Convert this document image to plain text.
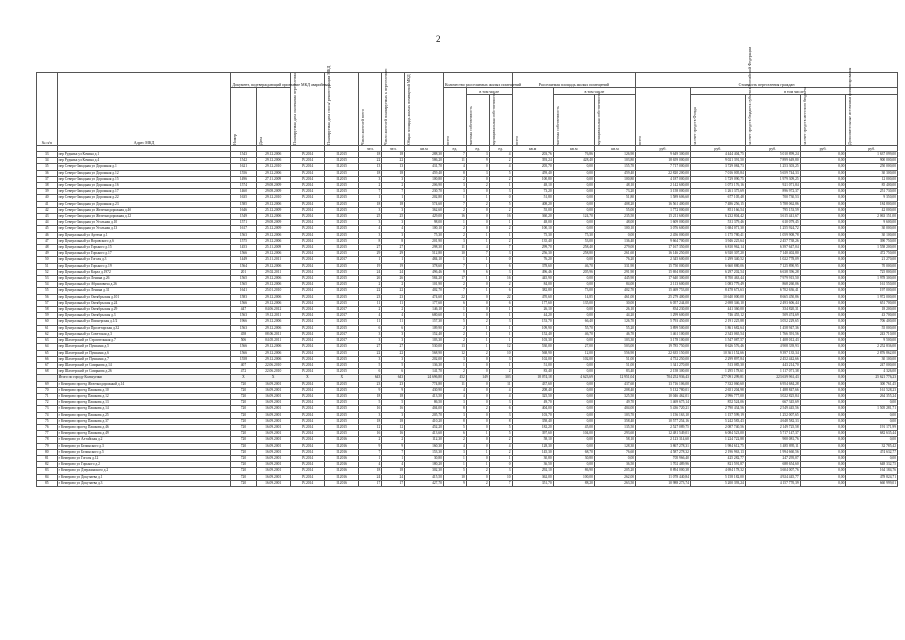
2
№ п/п	Адрес МКД	Документ, подтверждающий признание МКД аварийным		Планируемая дата окончания переселения	Планируемая дата сноса/ реконструкции МКД	Число жителей всего	Число жителей планируемых к переселению	Общая площадь жилых помещений МКД	Количество расселяемых жилых помещений			Расселяемая площадь жилых помещений			Стоимость переселения граждан				

		Номер	Дата						всего	в том числе		всего	в том числе		всего	в том числе			

										частная собственность	муниципальная собственность		частная собственность	муниципальная собственность		за счет средств Фонда	за счет средств бюджета субъекта Российской Федерации	за счет средств местного бюджета	Дополнительные источники финансирования

						чел.	чел.	кв.м	ед.	ед.	ед.	кв.м	кв.м	кв.м	руб.	руб.	руб.	руб.	руб.
33	пер Рудника ул Кочина д.1	1543	29.12.2006	IV.2014	II.2015	18	18	288,30	7	3	4	203,76	76,86	126,90	9 649 300,00	4 444 404,75	5 010 899,24	0,00	1 637 099,00
34	пер Рудника ул Кочина д.4	1542	29.12.2006	IV.2014	II.2015	22	22	586,20	11	9	2	393,24	428,40	103,80	18 659 000,00	9 021 391,50	7 899 649,80	0,00	900 000,00
35	пер Северо-Западная ул Дорожная д.1	1621	29.12.2010	IV.2014	II.2015	13	13	431,70	4	0	4	205,70	0,00	155,70	7 717 000,00	3 729 084,73	1 253 303,25	0,00	250 000,00
36	пер Северо-Западная ул Дорожная д.12	1556	29.12.2006	IV.2014	II.2015	18	18	459,40	8	3	5	459,40	0,00	459,40	22 820 200,00	7 016 005,84	5 659 744,33	0,00	30 300,00
37	пер Северо-Западная ул Дорожная д.15	1496	27.11.2009	IV.2014	II.2015	3	3	100,80	2	0	2	100,80	0,00	100,80	4 187 000,00	1 729 090,75	1 979 309,25	0,00	12 000,00
38	пер Северо-Западная ул Дорожная д.16	1574	29.08.2009	IV.2014	II.2015	2	2	206,90	3	2	1	48,10	0,00	48,10	2 142 600,00	1 073 176,16	921 071,84	0,00	85 400,00
39	пер Северо-Западная ул Дорожная д.17	1460	29.08.2009	IV.2014	II.2015	7	7	230,70	3	0	3	73,20	0,00	73,20	3 158 000,00	1 261 375,69	896 972,37	0,00	251 730,00
40	пер Северо-Западная ул Дорожная д.22	1635	29.12.2010	IV.2014	II.2015	1	1	202,80	1	1	0	51,80	0,00	51,80	1 589 606,60	677 105,48	700 730,53	0,00	9 350,00
41	пер Северо-Западная ул Дорожная д.23	1585	29.12.2006	IV.2014	II.2015	18	18	574,60	7	2	5	408,20	0,00	408,20	16 561 400,00	7 486 256,15	5 788 062,86	0,00	184 800,00
42	пер Северо-Западная ул Железнодорожная д.4б	1646	25.12.2009	IV.2014	II.2015	3	3	362,60	2	0	2	55,00	0,00	55,00	1 772 000,00	851 166,54	795 153,59	0,00	42 000,00
43	пер Северо-Западная ул Железнодорожная д.12	1549	29.12.2006	IV.2014	II.2015	25	25	429,00	16	0	16	360,20	124,70	235,50	15 211 600,00	6 232 804,42	3 615 441,67	0,00	2 063 151,00
44	пер Северо-Западная ул Угольная д.10	1571	29.08.2009	IV.2014	II.2015	3	3	98,00	1	0	1	48,00	0,00	48,00	1 609 000,00	531 379,46	610 079,45	0,00	9 600,00
45	пер Северо-Западная ул Угольная д.13	1617	25.12.2009	IV.2014	II.2015	4	4	100,10	2	0	2	100,10	0,00	100,10	3 076 600,00	1 684 071,30	1 255 924,72	0,00	30 000,00
46	пер Центральный ул Артема д.1	1563	29.12.2006	IV.2014	II.2015	3	3	75,30	2	1	1	75,30	75,30	0,00	2 456 000,00	1 175 780,41	1 059 908,78	0,00	30 100,00
47	пер Центральный ул Воровского д.6	1575	29.12.2006	IV.2014	II.2015	8	8	201,90	3	1	2	135,40	53,00	136,40	9 664 700,00	3 946 225,64	2 457 738,26	0,00	390 750,00
48	пер Центральный ул Горького д.15	1453	25.11.2009	IV.2014	II.2015	27	27	298,30	11	4	7	299,70	258,40	279,00	17 167 350,00	6 810 962,14	6 397 647,04	0,00	1 558 200,00
49	пер Центральный ул Горького д.17	1566	29.12.2006	IV.2014	II.2015	29	29	512,80	10	7	3	256,30	258,80	261,60	16 146 250,00	6 920 307,20	7 140 402,80	0,00	472 750,00
50	пер Центральный ул Гоголя д.3	1449	25.11.2011	IV.2014	II.2017	1	1	484,10	1	1	0	76,20	0,00	76,20	2 345 600,00	1 299 340,52	1 022 778,09	0,00	21 270,00
51	пер Центральный ул Горького д.19	1564	29.12.2006	IV.2014	II.2015	19	19	378,60	7	1	6	378,60	46,70	331,90	15 750 000,00	6 660 880,06	7 125 890,95	0,00	70 000,00
52	пер Центральный ул Карла д.1972	201	29.02.2011	IV.2014	II.2015	24	24	496,46	9	6	3	496,46	205,96	291,90	15 694 800,00	6 297 202,54	6 638 396,28	0,00	725 800,00
53	пер Центральный ул Ленина д.26	1565	29.12.2006	IV.2014	II.2015	26	26	584,20	17	1	16	445,90	0,00	445,90	17 640 300,00	8 700 463,44	7 979 915,50	0,00	1 978 300,00
54	пер Центральный ул Абрамовича д.26	1565	29.12.2006	IV.2014	II.2015	2	2	101,90	2	0	2	84,00	0,00	84,00	2 113 600,00	1 083 779,49	868 260,06	0,00	161 550,00
55	пер Центральный ул Ленина д.31	1641	25.01.2010	IV.2014	II.2015	22	22	402,70	7	1	6	382,80	73,00	402,70	15 469 753,00	8 478 673,63	6 702 636,41	0,00	197 000,00
56	пер Центральный ул Октябрьская д.101	1583	29.12.2006	IV.2014	II.2015	23	23	474,60	22	0	22	470,60	14,85	461,00	25 279 400,00	10 640 000,00	8 665 450,86	0,00	1 972 000,00
57	пер Центральный ул Октябрьская д.24	1566	29.12.2006	IV.2014	II.2015	11	11	177,60	6	0	6	177,60	135,00	30,00	6 057 244,00	2 698 346,10	2 493 606,44	0,00	651 700,00
58	пер Центральный ул Октябрьская д.29	447	04.06.2012	IV.2014	II.2017	2	2	146,10	1	0	1	26,10	0,00	26,10	834 230,00	441 360,00	354 820,31	0,00	18 200,00
59	пер Центральный ул Октябрьская д.3	1563	19.12.2011	IV.2014	II.2017	4	4	680,60	1	0	1	44,20	0,00	44,20	1 299 600,00	746 455,12	509 474,69	0,00	43 700,00
60	пер Центральный ул Пионерская д.1/2	1966	29.12.2006	IV.2014	II.2015	11	11	157,30	5	2	3	153,70	66,40	126,70	5 793 450,00	2 191 225,88	3 052 229,65	0,00	706 400,00
61	пер Центральный ул Пролетарская д.32	1563	29.12.2006	IV.2014	II.2015	6	6	109,90	2	1	1	109,90	55,70	55,20	3 899 500,00	1 861 682,64	1 458 947,36	0,00	55 000,00
62	пер Центральный ул Советская д.3	458	08.06.2011	IV.2014	II.2017	3	3	152,40	2	1	1	152,40	46,70	46,70	1 461 100,00	2 343 065,54	1 766 391,56	0,00	243 710,00
63	пер Шахтерский ул Строительная д.7	506	04.05.2011	IV.2014	II.2017	3	3	103,30	2	1	1	103,30	0,00	103,30	3 178 100,00	1 547 087,57	1 408 012,43	0,00	9 500,00
64	пер Шахтерский ул Пушкина д.5	1566	29.12.2006	IV.2014	II.2015	27	27	530,00	13	1	12	530,00	27,00	503,00	19 785 750,00	8 626 576,46	4 908 339,93	0,00	2 252 836,00
65	пер Шахтерский ул Пушкина д.6	1566	29.12.2006	IV.2014	II.2015	22	22	568,90	12	2	10	568,90	12,00	556,90	22 635 150,00	10 361 152,66	9 397 135,34	0,00	2 876 862,00
66	пер Шахтерский ул Пушкина д.7	1558	29.12.2006	IV.2014	II.2015	3	3	202,00	3	0	3	102,00	102,00	51,00	4 752 250,00	2 299 897,84	2 452 442,66	0,00	30 100,00
67	пер Шахтерский ул Смирнова д.14	407	22.06.2010	IV.2014	II.2015	5	5	136,30	1	0	1	51,00	0,00	51,00	1 341 270,00	513 085,30	443 214,70	0,00	247 000,00
68	пер Шахтерский ул Смирнова д.26	472	22.06.2010	IV.2014	II.2015	6	6	141,70	2	0	2	83,40	0,00	83,40	2 158 300,00	1 295 178,61	1 117 071,38	0,00	4 326,00
	Итого по городу Кольчугино	X	X	X	X	643	643	24 696,80	452	149	303	18 074,18	4 623,69	12 951,04	704 252 936,43	277 091 299,81	223 639 961,43	0,00	25 621 776,23
69	г Кемерово проезд Железнодорожный д.14	720	16.09.2001	IV.2014	II.2015	23	23	774,80	11	0	11	437,60	0,00	437,60	13 716 106,00	7 332 060,60	6 954 684,28	0,00	300 761,45
70	г Кемерово проезд Пашкова д.10	720	16.09.2001	IV.2014	II.2015	9	9	430,90	4	0	4	208,40	0,00	208,40	5 132 780,01	2 651 204,98	1 488 847,66	0,00	161 528,23
71	г Кемерово проезд Пашкова д.12	720	16.09.2001	IV.2014	II.2015	18	18	413,50	4	0	4	325,50	0,00	325,50	10 046 462,01	2 996 777,00	3 022 825,84	0,00	264 355,24
72	г Кемерово проезд Пашкова д.13	720	16.09.2001	IV.2014	II.2015	5	5	86,50	3	0	3	49,70	0,00	49,70	1 469 675,14	852 524,06	667 345,69	0,00	0,00
73	г Кемерово проезд Пашкова д.14	720	16.09.2001	IV.2014	II.2015	16	16	404,00	8	2	6	404,00	0,00	404,00	5 436 720,21	2 790 434,56	2 549 445,56	0,00	1 505 281,71
74	г Кемерово проезд Пашкова д.25	720	16.09.2001	IV.2014	II.2015	3	3	205,70	3	0	3	103,70	0,00	103,70	1 156 163,10	1 157 599,19	1 252 007,65	0,00	0,00
75	г Кемерово проезд Пашкова д.37	720	16.09.2001	IV.2014	II.2015	18	18	410,20	8	0	8	358,40	0,00	358,40	10 577 254,16	5 242 583,43	4 648 582,33	0,00	0,00
76	г Кемерово проезд Пашкова д.46	720	16.09.2001	IV.2014	II.2015	12	12	452,20	5	0	5	182,20	45,00	135,50	2 527 089,75	2 087 740,56	2 149 725,58	0,00	191 171,99
77	г Кемерово проезд Пашкова д.49	720	16.09.2001	IV.2014	II.2015	16	16	413,60	6	1	5	397,60	104,00	293,60	12 481 549,01	6 084 523,00	5 717 147,37	0,00	682 635,44
78	г Кемерово ул Алтайская д.2	720	16.09.2001	IV.2014	II.2016	2	2	112,30	2	0	2	58,10	0,00	58,10	2 123 314,60	1 224 722,88	900 081,76	0,00	0,00
79	г Кемерово ул Белинского д.3	720	16.09.2001	IV.2014	II.2016	9	9	160,30	4	0	4	128,30	0,00	128,30	3 867 278,31	1 984 612,75	1 485 895,11	0,00	32 785,42
80	г Кемерово ул Белинского д.5	720	16.09.2001	IV.2014	II.2016	7	7	153,30	3	1	2	145,30	68,70	76,60	4 587 278,32	2 196 963,13	1 994 660,56	0,00	474 632,77
81	г Кемерово ул Гоголя д.12	720	16.09.2001	IV.2014	II.2016	1	1	30,80	1	0	1	30,80	30,80	0,00	705 966,40	425 282,77	247 295,07	0,00	0,00
82	г Кемерово ул Горького д.2	720	16.09.2001	IV.2014	II.2016	4	4	180,20	1	1	0	36,50	0,00	36,50	1 702 489,96	821 591,87	688 654,60	0,00	648 332,75
83	г Кемерово ул Дзержинского д.2	720	16.09.2001	IV.2014	II.2016	18	18	302,30	5	2	3	292,10	86,90	205,20	8 894 000,38	4 694 178,32	3 604 007,76	0,00	164 184,76
84	г Кемерово ул Докучаева д.1	720	16.09.2001	IV.2014	II.2016	24	24	415,50	10	0	10	362,00	100,00	262,00	11 078 440,84	5 158 182,00	4 924 445,77	0,00	478 824,71
85	г Кемерово ул Докучаева д.3	720	16.09.2001	IV.2014	II.2016	17	17	427,70	9	2	7	351,70	88,20	263,50	10 988 273,74	5 200 393,24	4 157 770,39	0,00	660 999,01
